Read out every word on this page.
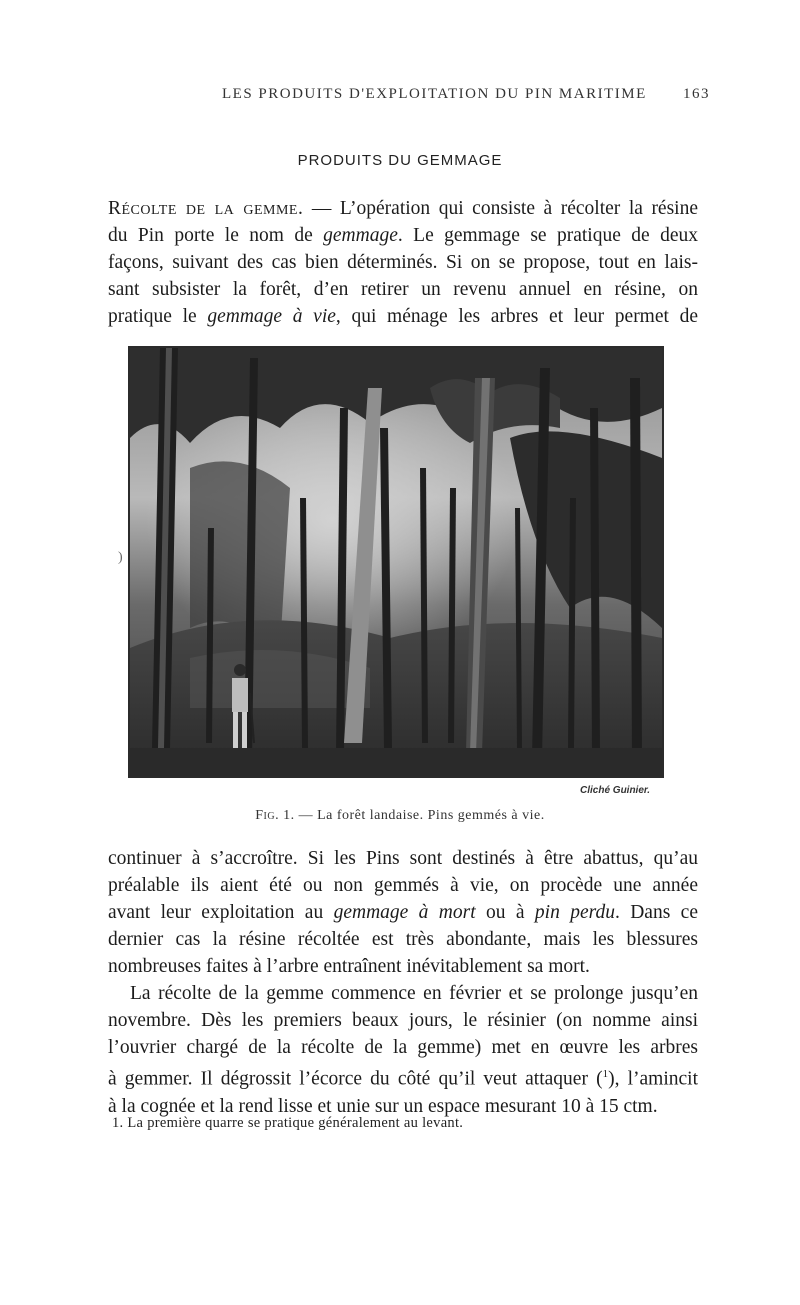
LES PRODUITS D'EXPLOITATION DU PIN MARITIME 163
PRODUITS DU GEMMAGE
Récolte de la gemme. — L’opération qui consiste à récolter la résine
du Pin porte le nom de gemmage. Le gemmage se pratique de deux
façons, suivant des cas bien déterminés. Si on se propose, tout en lais-
sant subsister la forêt, d’en retirer un revenu annuel en résine, on
pratique le gemmage à vie, qui ménage les arbres et leur permet de
Cliché Guinier.
Fig. 1. — La forêt landaise. Pins gemmés à vie.
)
continuer à s’accroître. Si les Pins sont destinés à être abattus, qu’au
préalable ils aient été ou non gemmés à vie, on procède une année
avant leur exploitation au gemmage à mort ou à pin perdu. Dans ce
dernier cas la résine récoltée est très abondante, mais les blessures
nombreuses faites à l’arbre entraînent inévitablement sa mort.
La récolte de la gemme commence en février et se prolonge jusqu’en
novembre. Dès les premiers beaux jours, le résinier (on nomme ainsi
l’ouvrier chargé de la récolte de la gemme) met en œuvre les arbres
à gemmer. Il dégrossit l’écorce du côté qu’il veut attaquer ($^1$), l’amincit
à la cognée et la rend lisse et unie sur un espace mesurant 10 à 15 ctm.
1. La première quarre se pratique généralement au levant.
